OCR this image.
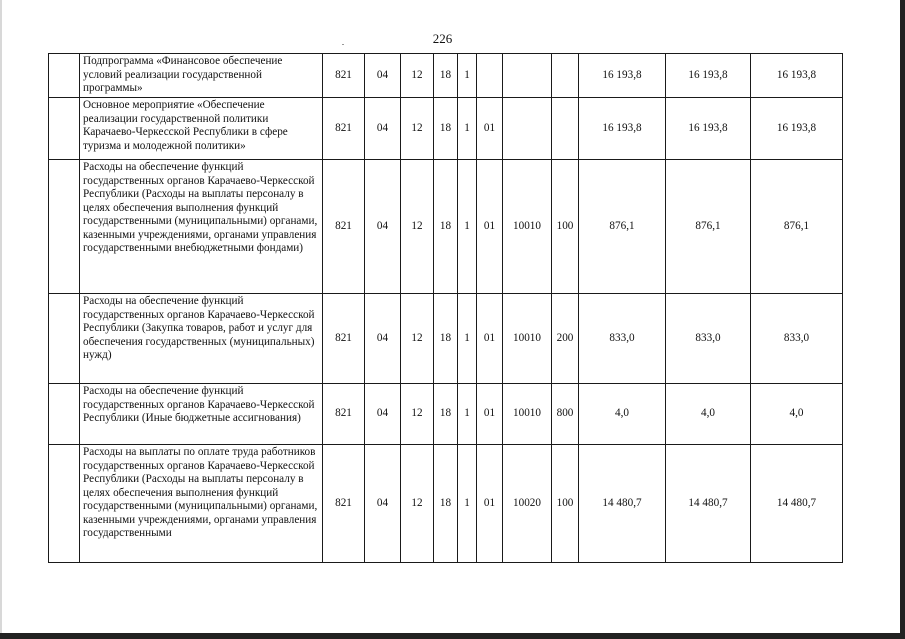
226
	Подпрограмма «Финансовое обеспечение условий реализации государственной программы»	821	04	12	18	1				16 193,8	16 193,8	16 193,8
	Основное мероприятие «Обеспечение реализации государственной политики Карачаево-Черкесской Республики в сфере туризма и молодежной политики»	821	04	12	18	1	01			16 193,8	16 193,8	16 193,8
	Расходы на обеспечение функций государственных органов Карачаево-Черкесской Республики (Расходы на выплаты персоналу в целях обеспечения выполнения функций государственными (муниципальными) органами, казенными учреждениями, органами управления государственными внебюджетными фондами)	821	04	12	18	1	01	10010	100	876,1	876,1	876,1
	Расходы на обеспечение функций государственных органов Карачаево-Черкесской Республики (Закупка товаров, работ и услуг для обеспечения государственных (муниципальных) нужд)	821	04	12	18	1	01	10010	200	833,0	833,0	833,0
	Расходы на обеспечение функций государственных органов Карачаево-Черкесской Республики (Иные бюджетные ассигнования)	821	04	12	18	1	01	10010	800	4,0	4,0	4,0
	Расходы на выплаты по оплате труда работников государственных органов Карачаево-Черкесской Республики (Расходы на выплаты персоналу в целях обеспечения выполнения функций государственными (муниципальными) органами, казенными учреждениями, органами управления государственными	821	04	12	18	1	01	10020	100	14 480,7	14 480,7	14 480,7
